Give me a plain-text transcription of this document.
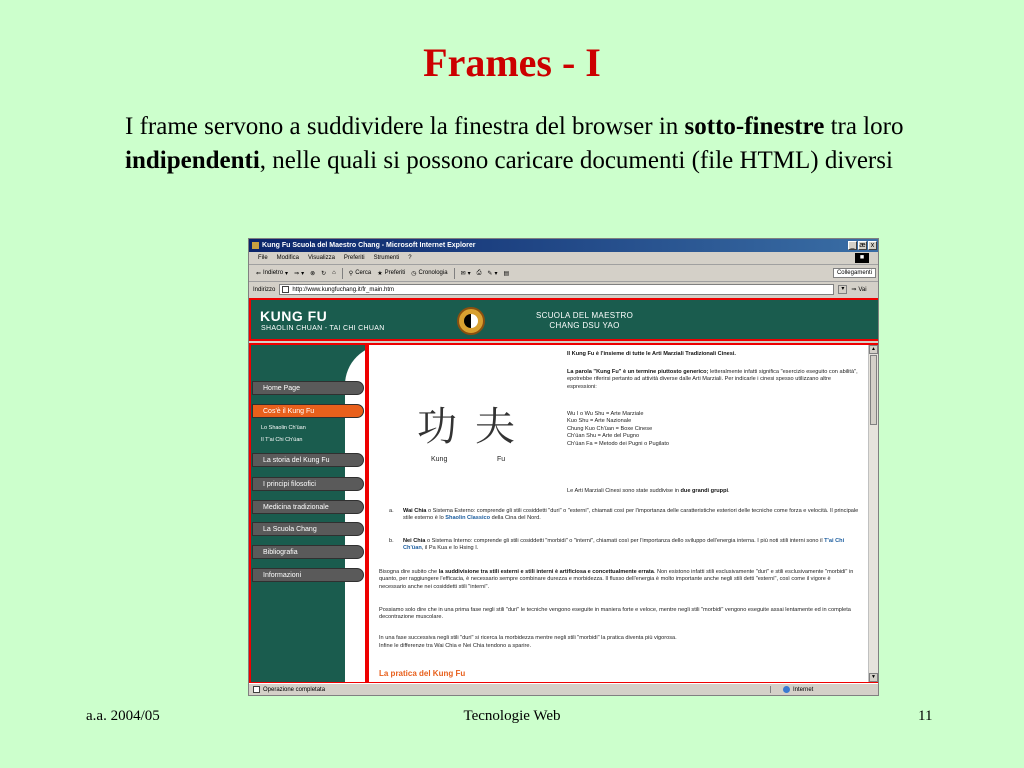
Frames - I
I frame servono a suddividere la finestra del browser in sotto-finestre tra loro indipendenti, nelle quali si possono caricare documenti (file HTML) diversi
Kung Fu Scuola del Maestro Chang - Microsoft Internet Explorer	_ æ x
File Modifica Visualizza Preferiti Strumenti ?	■
⇐ Indietro ▾ ⇒ ▾ ⊗ ↻ ⌂ ⚲ Cerca ★ Preferiti ◷ Cronologia ✉ ▾ ⎙ ✎ ▾ ▤	Collegamenti
Indirizzo	http://www.kungfuchang.it/fr_main.htm	▾	⇒ Vai
KUNG FU
SHAOLIN CHUAN - TAI CHI CHUAN
SCUOLA DEL MAESTRO
CHANG DSU YAO
Home Page
Cos'è il Kung Fu
Lo Shaolin Ch'üan
Il T'ai Chi Ch'üan
La storia del Kung Fu
I principi filosofici
Medicina tradizionale
La Scuola Chang
Bibliografia
Informazioni
功夫
Kung	Fu
Il Kung Fu è l'insieme di tutte le Arti Marziali Tradizionali Cinesi.
La parola "Kung Fu" è un termine piuttosto generico; letteralmente infatti significa "esercizio eseguito con abilità", epotrebbe riferirsi pertanto ad attività diverse dalle Arti Marziali. Per indicarle i cinesi spesso utilizzano altre espressioni:
Wu I o Wu Shu = Arte Marziale
Kuo Shu = Arte Nazionale
Chung Kuo Ch'üan = Boxe Cinese
Ch'üan Shu = Arte del Pugno
Ch'üan Fa = Metodo dei Pugni o Pugilato
Le Arti Marziali Cinesi sono state suddivise in due grandi gruppi.
a.	Wai Chia o Sistema Esterno: comprende gli stili cosiddetti "duri" o "esterni", chiamati così per l'importanza delle caratteristiche esteriori delle tecniche come forza e velocità. Il principale stile esterno è lo Shaolin Classico della Cina del Nord.
b.	Nei Chia o Sistema Interno: comprende gli stili cosiddetti "morbidi" o "interni", chiamati così per l'importanza dello sviluppo dell'energia interna. I più noti stili interni sono il T'ai Chi Ch'üan, il Pa Kua e lo Hsing I.
Bisogna dire subito che la suddivisione tra stili esterni e stili interni è artificiosa e concettualmente errata. Non esistono infatti stili esclusivamente "duri" e stili esclusivamente "morbidi" in quanto, per raggiungere l'efficacia, è necessario sempre combinare durezza e morbidezza. Il flusso dell'energia è molto importante anche negli stili detti "esterni", così come il vigore è necessario anche nei cosiddetti stili "interni".
Possiamo solo dire che in una prima fase negli stili "duri" le tecniche vengono eseguite in maniera forte e veloce, mentre negli stili "morbidi" vengono eseguite assai lentamente ed in completa decontrazione muscolare.
In una fase successiva negli stili "duri" si ricerca la morbidezza mentre negli stili "morbidi" la pratica diventa più vigorosa.
Infine le differenze tra Wai Chia e Nei Chia tendono a sparire.
La pratica del Kung Fu
▲
▼
Operazione completata	Internet
a.a. 2004/05	Tecnologie Web	11
